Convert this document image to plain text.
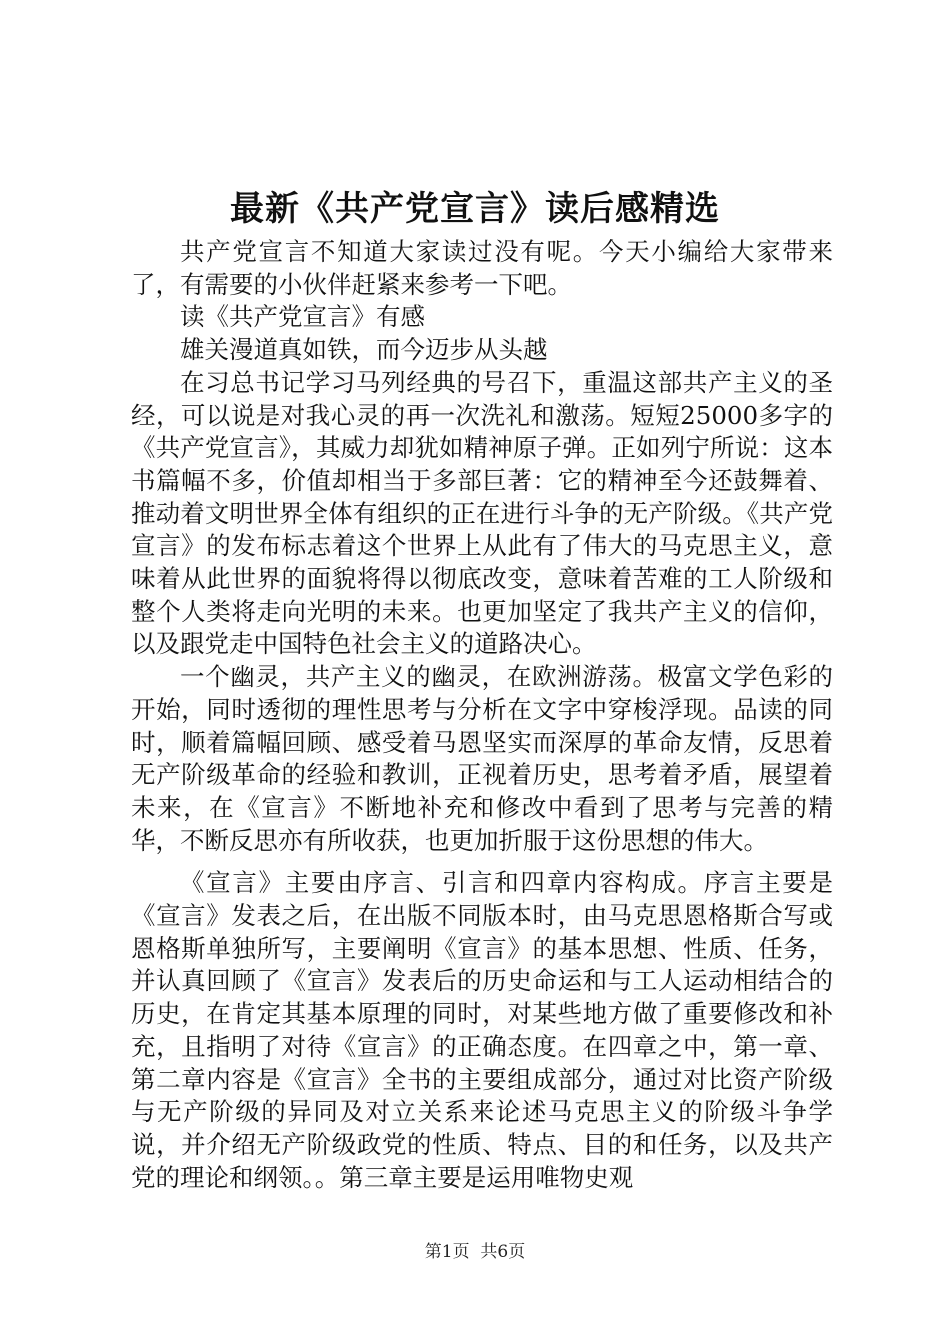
最新《共产党宣言》读后感精选

共产党宣言不知道大家读过没有呢。今天小编给大家带来了，有需要的小伙伴赶紧来参考一下吧。

读《共产党宣言》有感

雄关漫道真如铁，而今迈步从头越

在习总书记学习马列经典的号召下，重温这部共产主义的圣经，可以说是对我心灵的再一次洗礼和激荡。短短25000多字的《共产党宣言》，其威力却犹如精神原子弹。正如列宁所说：这本书篇幅不多，价值却相当于多部巨著：它的精神至今还鼓舞着、推动着文明世界全体有组织的正在进行斗争的无产阶级。《共产党宣言》的发布标志着这个世界上从此有了伟大的马克思主义，意味着从此世界的面貌将得以彻底改变，意味着苦难的工人阶级和整个人类将走向光明的未来。也更加坚定了我共产主义的信仰，以及跟党走中国特色社会主义的道路决心。

一个幽灵，共产主义的幽灵，在欧洲游荡。极富文学色彩的开始，同时透彻的理性思考与分析在文字中穿梭浮现。品读的同时，顺着篇幅回顾、感受着马恩坚实而深厚的革命友情，反思着无产阶级革命的经验和教训，正视着历史，思考着矛盾，展望着未来，在《宣言》不断地补充和修改中看到了思考与完善的精华，不断反思亦有所收获，也更加折服于这份思想的伟大。

《宣言》主要由序言、引言和四章内容构成。序言主要是《宣言》发表之后，在出版不同版本时，由马克思恩格斯合写或恩格斯单独所写，主要阐明《宣言》的基本思想、性质、任务，并认真回顾了《宣言》发表后的历史命运和与工人运动相结合的历史，在肯定其基本原理的同时，对某些地方做了重要修改和补充，且指明了对待《宣言》的正确态度。在四章之中，第一章、第二章内容是《宣言》全书的主要组成部分，通过对比资产阶级与无产阶级的异同及对立关系来论述马克思主义的阶级斗争学说，并介绍无产阶级政党的性质、特点、目的和任务，以及共产党的理论和纲领。。第三章主要是运用唯物史观

第1页 共6页
